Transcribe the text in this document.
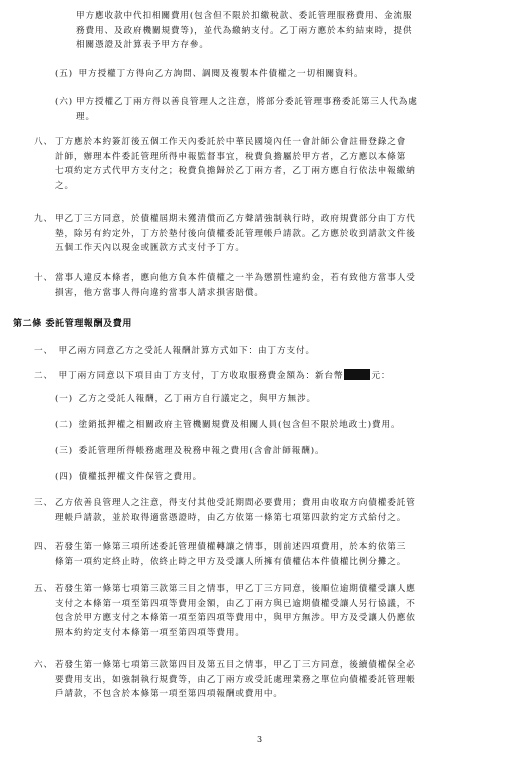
甲方應收款中代扣相關費用(包含但不限於扣繳稅款、委託管理服務費用、金流服

務費用、及政府機關規費等)，並代為繳納支付。乙丁兩方應於本約結束時，提供

相關憑證及計算表予甲方存參。

(五) 甲方授權丁方得向乙方詢問、調閱及複製本件債權之一切相關資料。
(六) 甲方授權乙丁兩方得以善良管理人之注意，將部分委託管理事務委託第三人代為處
理。
八、 丁方應於本約簽訂後五個工作天內委託於中華民國境內任一會計師公會註冊登錄之會
計師，辦理本件委託管理所得申報監督事宜，稅費負擔屬於甲方者，乙方應以本條第
七項約定方式代甲方支付之；稅費負擔歸於乙丁兩方者，乙丁兩方應自行依法申報繳納
之。
九、 甲乙丁三方同意，於債權屆期未獲清償而乙方聲請強制執行時，政府規費部分由丁方代
墊，除另有約定外，丁方於墊付後向債權委託管理帳戶請款。乙方應於收到請款文件後
五個工作天內以現金或匯款方式支付予丁方。
十、 當事人違反本條者，應向他方負本件債權之一半為懲罰性違約金，若有致他方當事人受
損害，他方當事人得向違約當事人請求損害賠償。
第二條 委託管理報酬及費用
一、 甲乙兩方同意乙方之受託人報酬計算方式如下：由丁方支付。
二、 甲丁兩方同意以下項目由丁方支付，丁方收取服務費金額為：新台幣	元：
(一) 乙方之受託人報酬，乙丁兩方自行議定之，與甲方無涉。
(二) 塗銷抵押權之相關政府主管機關規費及相關人員(包含但不限於地政士)費用。
(三) 委託管理所得帳務處理及稅務申報之費用(含會計師報酬)。
(四) 債權抵押權文件保管之費用。
三、 乙方依善良管理人之注意，得支付其他受託期間必要費用；費用由收取方向債權委託管
理帳戶請款，並於取得適當憑證時，由乙方依第一條第七項第四款約定方式給付之。
四、 若發生第一條第三項所述委託管理債權轉讓之情事，則前述四項費用，於本約依第三
條第一項約定終止時，依終止時之甲方及受讓人所擁有債權佔本件債權比例分攤之。
五、 若發生第一條第七項第三款第三目之情事，甲乙丁三方同意，後順位逾期債權受讓人應
支付之本條第一項至第四項等費用金額，由乙丁兩方與已逾期債權受讓人另行協議，不
包含於甲方應支付之本條第一項至第四項等費用中，與甲方無涉。甲方及受讓人仍應依
照本約約定支付本條第一項至第四項等費用。
六、 若發生第一條第七項第三款第四目及第五目之情事，甲乙丁三方同意，後續債權保全必
要費用支出，如強制執行規費等，由乙丁兩方或受託處理業務之單位向債權委託管理帳
戶請款，不包含於本條第一項至第四項報酬或費用中。
3
